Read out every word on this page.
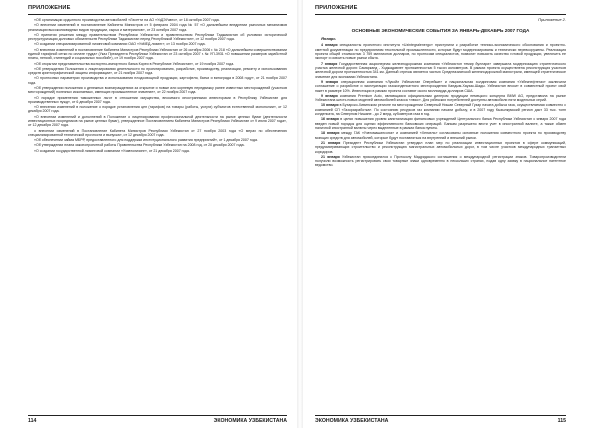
ПРИЛОЖЕНИЕ

«Об организации ордынного производства автомобилей «Лэсетти на АО «УзДЭУавто», от 18 октября 2007 года.

«О внесении изменений в постановление Кабинета Министров от 5 февраля 2004 года № 57 «О дальнейшем внедрении рыночных механизмов реализации высоколиквидных видов продукции, сырья и материалов», от 23 октября 2007 года.

«О принятии решения между правительством Республики Узбекистан и правительством Республики Таджикистан об условиях исторической реструктуризации долговых обязательств Республики Таджикистан перед Республикой Узбекистан», от 12 ноября 2007 года.

«О создании специализированной лизинговой компании ОАО «УзМЕД-лизинг», от 13 ноября 2007 года.

«О внесении изменений в постановление Кабинета Министров Республики Узбекистан от 26 октября 2006 г. № 218 «О дальнейшем совершенствовании единой тарифной сетки по оплате труда» (Указ Президента Республики Узбекистан от 23 октября 2007 г. № УП-3931 «О повышении размеров заработной платы, пенсий, стипендий и социальных пособий»), от 19 ноября 2007 года.

«Об открытии представительства экспортно-импортного банка Кореи в Республике Узбекистан», от 19 ноября 2007 года.

«Об утверждении Положения о лицензировании деятельности по проектированию, разработке, производству, реализации, ремонту и использованию средств криптографической защиты информации», от 21 ноября 2007 года.

«О прогнозных параметрах производства и использования плодоовощной продукции, картофеля, бахчи и винограда в 2008 году», от 21 ноября 2007 года.

«Об утверждении положения о денежных вознаграждениях за открытие и новые или корневую передвижку ранее известных месторождений (участков месторождений) полезных ископаемых, имеющих промышленное значение», от 22 ноября 2007 года.

«О порядке применения таможенных льгот в отношении имущества, вносимого иностранными инвесторами в Республику Узбекистан для производственных нужд», от 6 декабря 2007 года.

«О внесении изменений в положение о порядке установления цен (тарифов) на товары (работы, услуги) субъектов естественной монополии», от 12 декабря 2007 года.

«О внесении изменений и дополнений в Положение о лицензировании профессиональной деятельности на рынке ценных бумаг (деятельности инвестиционных посредников на рынке ценных бумаг), утвержденное Постановлением Кабинета Министров Республики Узбекистан от 9 июля 2007 года», от 12 декабря 2007 года.

о внесении изменений в Постановление Кабинета Министров Республики Узбекистан от 27 ноября 2003 года «О мерах по обеспечению специализированной технической прочности и выпуска», от 12 декабря 2007 года.

«Об обеспечении займа МБРР, предоставленного для поддержки институционального развития предприятий», от 1 декабря 2007 года.

«Об утверждении плана законопроектной работы Правительства Республики Узбекистан на 2008 год, от 20 декабря 2007 года.

«О создании государственной лизинговой компании «Узавтолизинг», от 21 декабря 2007 года.

114	ЭКОНОМИКА УЗБЕКИСТАНА
ПРИЛОЖЕНИЕ
Приложение 2.
ОСНОВНЫЕ ЭКОНОМИЧЕСКИЕ СОБЫТИЯ ЗА ЯНВАРЬ-ДЕКАБРЬ 2007 ГОДА
Январь

4 января специалисты проектного института «Uzintegralenergo» приступили к разработке технико-экономического обоснования и проектно-сметной документации по предприятиям текстильной промышленности, которые будут модернизированы и технически перевооружены. Реализация проекта общей стоимостью 3 759 миллионов долларов, по прогнозам специалистов, позволит повысить качество готовой продукции, увеличить ее экспорт и освоить новые рынки сбыта.

7 января Государственная акционерная железнодорожная компания «Узбекистон темир йуллари» завершила модернизацию стратегического участка железной дороги Самарканд - Ходжадавлет протяженностью 5 тысяч километров. В рамках проекта осуществлена реконструкция участков железной дороги протяженностью 341 км. Данный отрезок является частью Среднеазиатской железнодорожной магистрали, имеющей стратегическое значение для экономики Узбекистана.

9 января операционная компания «Лукойл Узбекистан Оперейшн» и национальная холдинговая компания «Узбекнефтегаз» заключили соглашение о разработке и эксплуатации газоконденсатного месторождения Кандым-Хаузак-Шады. Узбекистан вносит в совместный проект свой пакет в размере 10%. Инвестиции в рамках проекта составят около миллиарда долларов США.

9 января компания Premium Auto, являющаяся официальным дилером продукции немецкого концерна BMW AG, представила на рынке Узбекистана шесть новых моделей автомобилей класса «люкс». Для узбекских потребителей доступны автомобили пяти модельных серий.

10 января в Бухарско-Хивинском регионе на месторождении Северный Нишан Северный Гузар начата добыча газа, осуществляемая совместно с компанией СП «Газоразработка». По состоянию ресурсов газ компании начали добычу, и в 2007 году Кызылкумский регион даст 33 тыс. тонн конденсата, на Северном Нишане - до 2 млрд. кубометров газа в год.

16 января в целях повышения уровня капитализации финансовых учреждений Центрального банка Республики Узбекистан с января 2007 года введен новый порядок для оценки эффективности банковских операций. Банкам разрешено вести учет в иностранной валюте, а также обмен наличной иностранной валюты через выделенные в рамках банка пункты.

18 января между ГАК «Узвтомашинсоюз» и компанией «Хенкель» согласованы основные положения совместного проекта по производству моющих средств для автомобилей, которые будут поставляться на внутренний и внешний рынки.

21 января Президент Республики Узбекистан утвердил план мер по реализации инвестиционных проектов в сфере коммуникаций, предусматривающих строительство и реконструкцию магистральных автомобильных дорог, в том числе участков международных транзитных коридоров.

21 января Узбекистан присоединился к Протоколу Мадридского соглашения о международной регистрации знаков. Товаропроизводители получили возможность регистрировать свои товарные знаки одновременно в нескольких странах, подав одну заявку в национальное патентное ведомство.

ЭКОНОМИКА УЗБЕКИСТАНА	115
